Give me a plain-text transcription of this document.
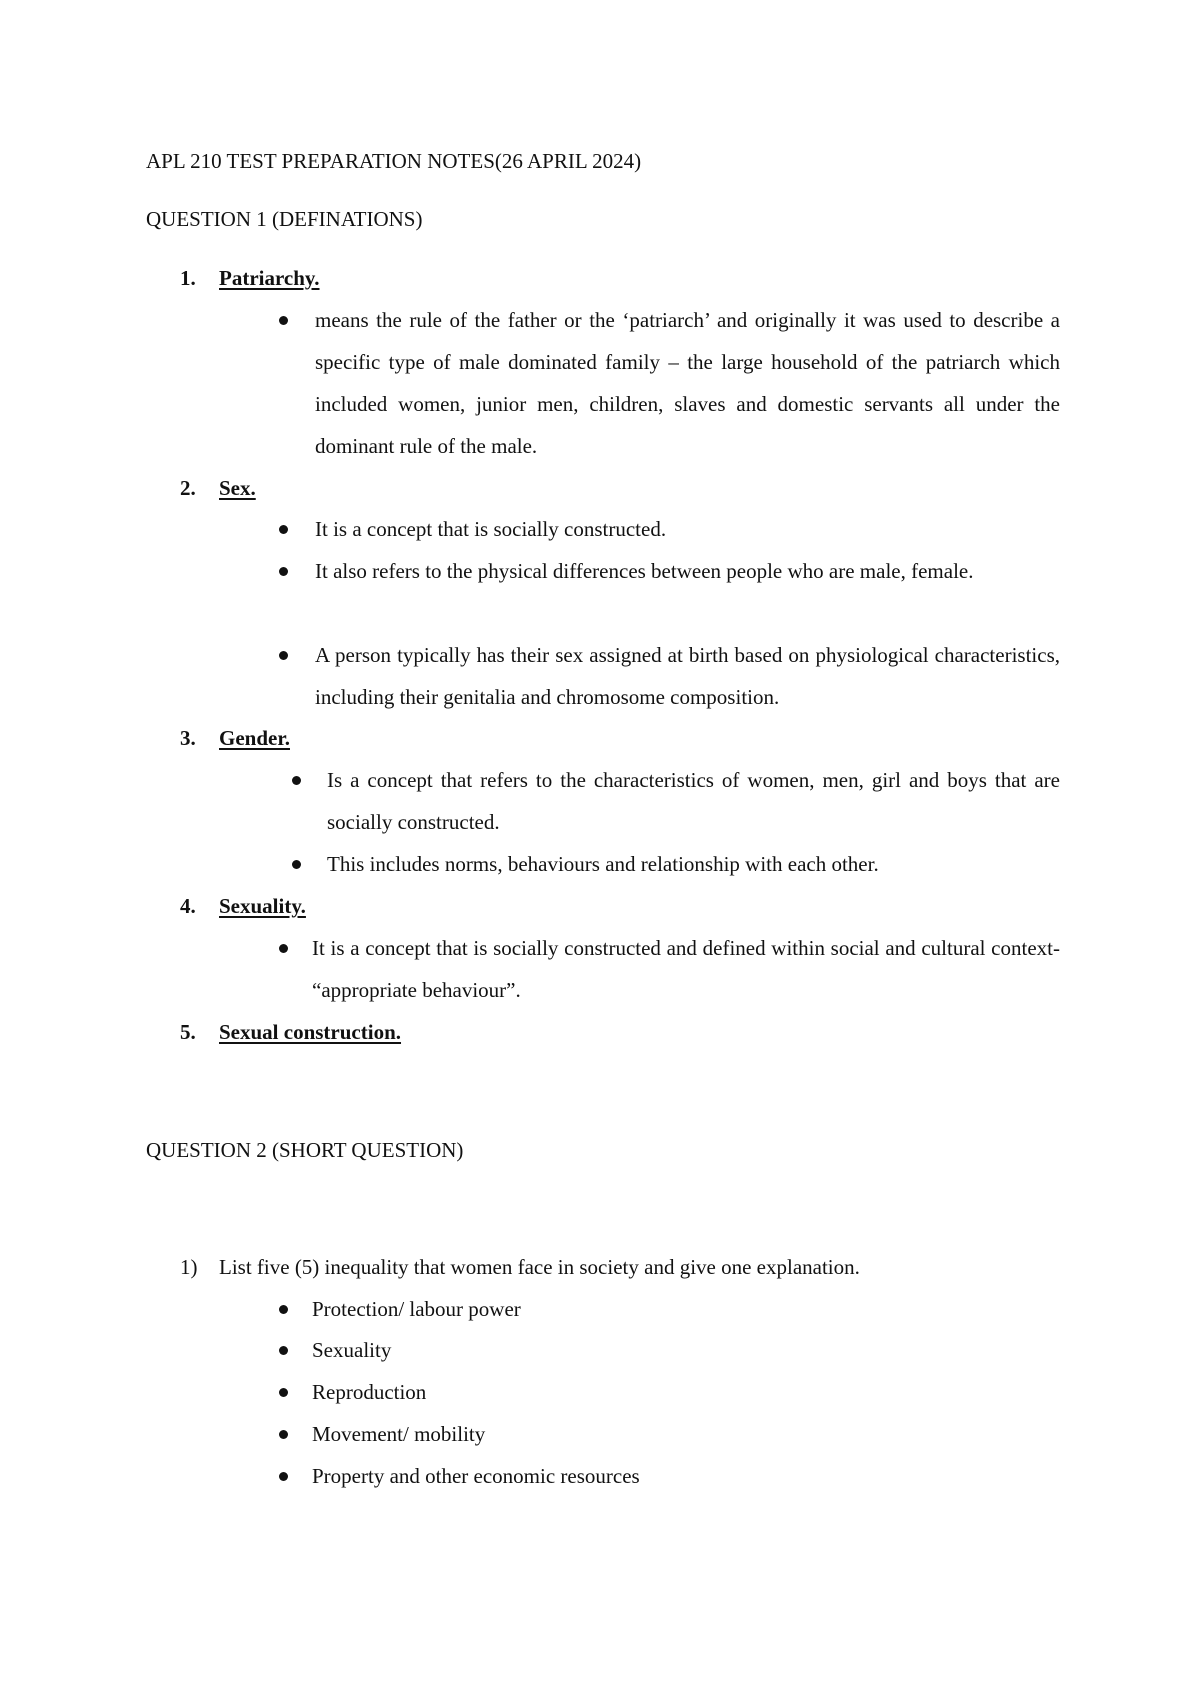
APL 210 TEST PREPARATION NOTES(26 APRIL 2024)
QUESTION 1 (DEFINATIONS)
1. Patriarchy.
means the rule of the father or the ‘patriarch’ and originally it was used to describe a specific type of male dominated family – the large household of the patriarch which included women, junior men, children, slaves and domestic servants all under the dominant rule of the male.
2. Sex.
It is a concept that is socially constructed.
It also refers to the physical differences between people who are male, female.
A person typically has their sex assigned at birth based on physiological characteristics, including their genitalia and chromosome composition.
3. Gender.
Is a concept that refers to the characteristics of women, men, girl and boys that are socially constructed.
This includes norms, behaviours and relationship with each other.
4. Sexuality.
It is a concept that is socially constructed and defined within social and cultural context- “appropriate behaviour”.
5. Sexual construction.
QUESTION 2 (SHORT QUESTION)
1) List five (5) inequality that women face in society and give one explanation.
Protection/ labour power
Sexuality
Reproduction
Movement/ mobility
Property and other economic resources
